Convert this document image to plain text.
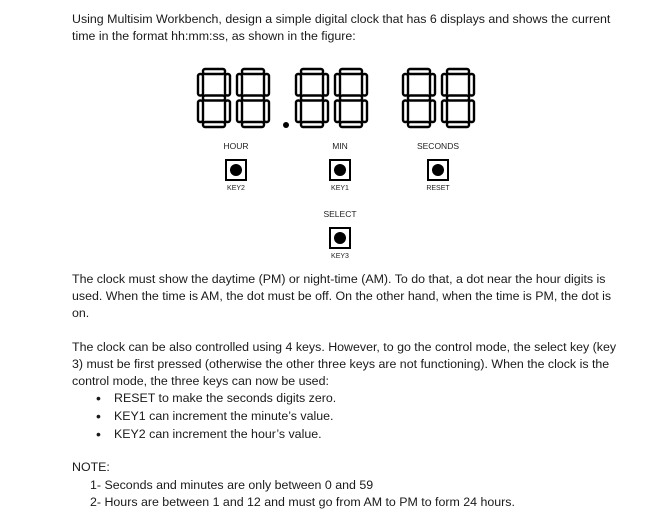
Using Multisim Workbench, design a simple digital clock that has 6 displays and shows the current time in the format hh:mm:ss, as shown in the figure:

HOUR
KEY2
MIN
KEY1
SECONDS
RESET
SELECT
KEY3

The clock must show the daytime (PM) or night-time (AM). To do that, a dot near the hour digits is used. When the time is AM, the dot must be off. On the other hand, when the time is PM, the dot is on.

The clock can be also controlled using 4 keys. However, to go the control mode, the select key (key 3) must be first pressed (otherwise the other three keys are not functioning). When the clock is the control mode, the three keys can now be used:

• RESET to make the seconds digits zero.
• KEY1 can increment the minute’s value.
• KEY2 can increment the hour’s value.
NOTE:
1- Seconds and minutes are only between 0 and 59
2- Hours are between 1 and 12 and must go from AM to PM to form 24 hours.
